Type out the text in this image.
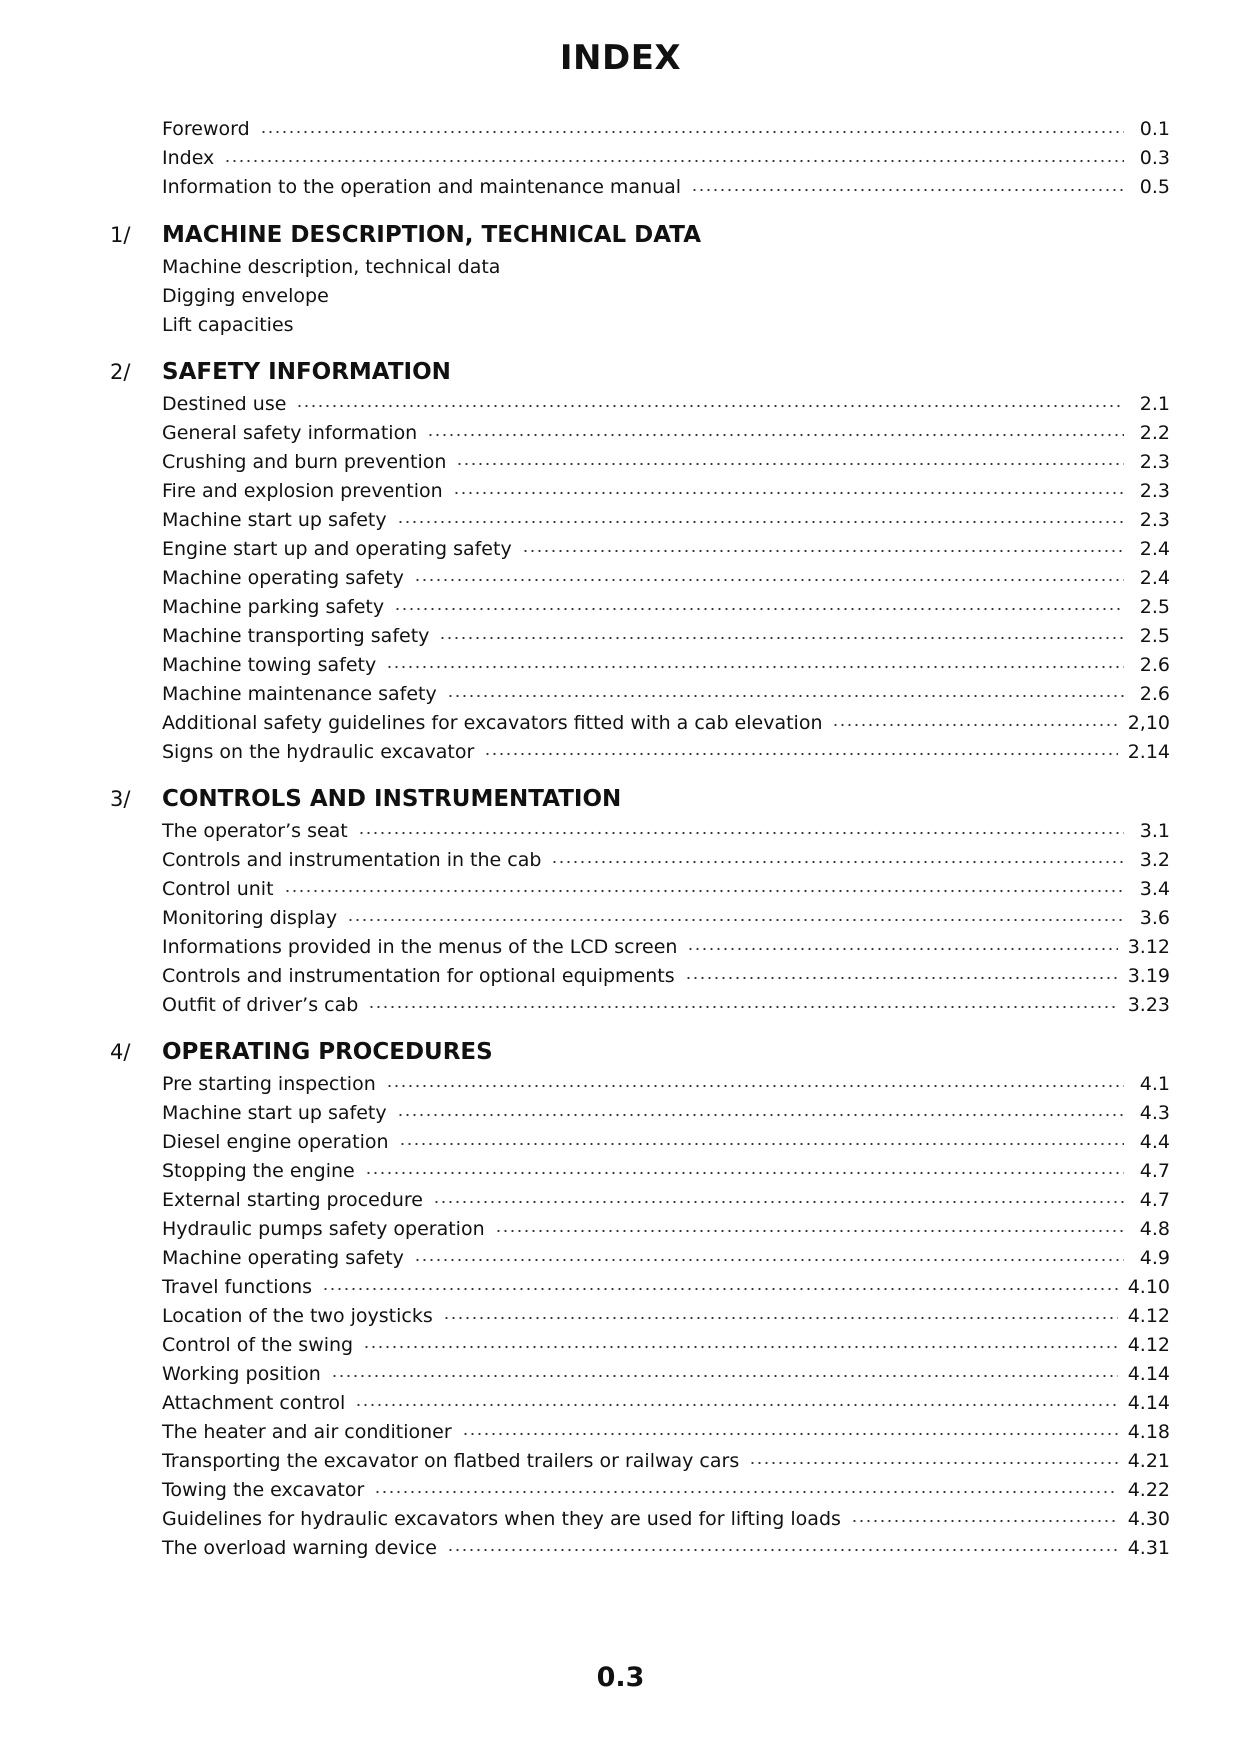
INDEX
Foreword	0.1
Index	0.3
Information to the operation and maintenance manual	0.5
1/	MACHINE DESCRIPTION, TECHNICAL DATA
Machine description, technical data
Digging envelope
Lift capacities
2/	SAFETY INFORMATION
Destined use	2.1
General safety information	2.2
Crushing and burn prevention	2.3
Fire and explosion prevention	2.3
Machine start up safety	2.3
Engine start up and operating safety	2.4
Machine operating safety	2.4
Machine parking safety	2.5
Machine transporting safety	2.5
Machine towing safety	2.6
Machine maintenance safety	2.6
Additional safety guidelines for excavators fitted with a cab elevation	2,10
Signs on the hydraulic excavator	2.14
3/	CONTROLS AND INSTRUMENTATION
The operator’s seat	3.1
Controls and instrumentation in the cab	3.2
Control unit	3.4
Monitoring display	3.6
Informations provided in the menus of the LCD screen	3.12
Controls and instrumentation for optional equipments	3.19
Outfit of driver’s cab	3.23
4/	OPERATING PROCEDURES
Pre starting inspection	4.1
Machine start up safety	4.3
Diesel engine operation	4.4
Stopping the engine	4.7
External starting procedure	4.7
Hydraulic pumps safety operation	4.8
Machine operating safety	4.9
Travel functions	4.10
Location of the two joysticks	4.12
Control of the swing	4.12
Working position	4.14
Attachment control	4.14
The heater and air conditioner	4.18
Transporting the excavator on flatbed trailers or railway cars	4.21
Towing the excavator	4.22
Guidelines for hydraulic excavators when they are used for lifting loads	4.30
The overload warning device	4.31
0.3
